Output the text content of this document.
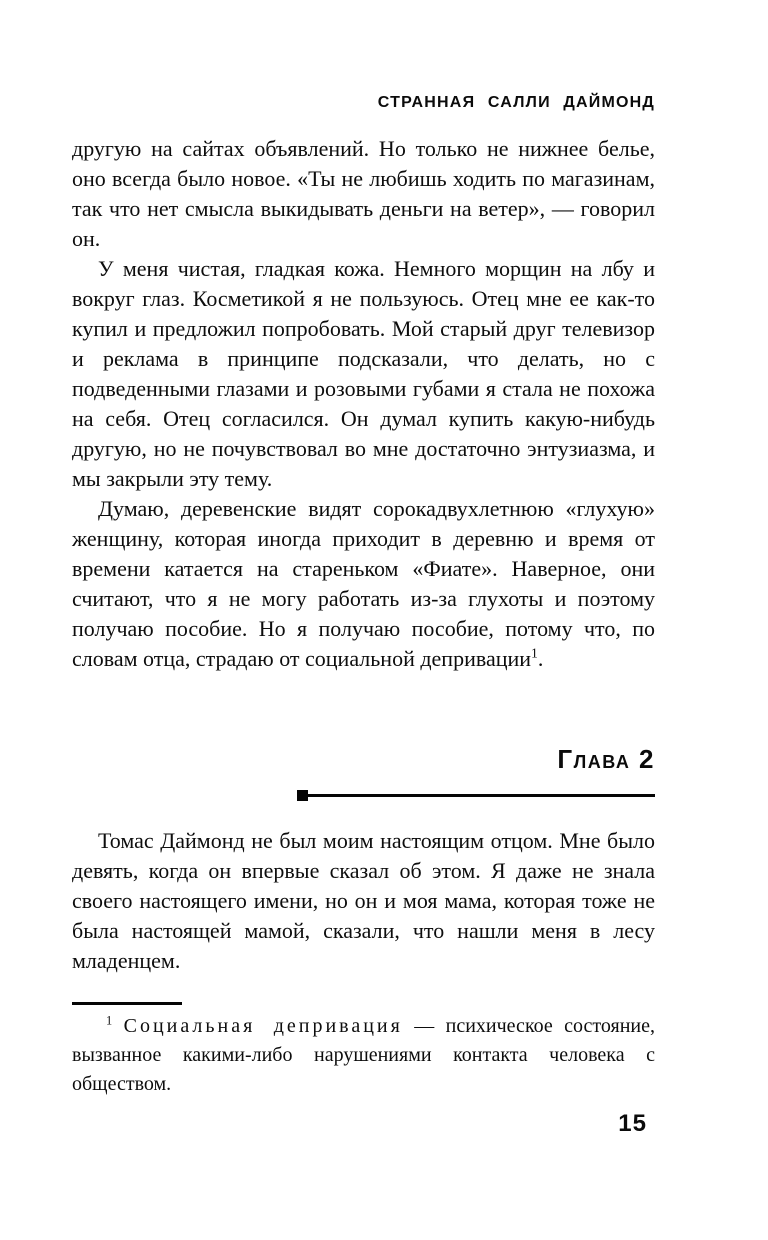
СТРАННАЯ САЛЛИ ДАЙМОНД

другую на сайтах объявлений. Но только не нижнее белье, оно всегда было новое. «Ты не любишь ходить по магазинам, так что нет смысла выкидывать деньги на ветер», — говорил он.

У меня чистая, гладкая кожа. Немного морщин на лбу и вокруг глаз. Косметикой я не пользуюсь. Отец мне ее как-то купил и предложил попробовать. Мой старый друг телевизор и реклама в принципе подсказали, что делать, но с подведенными глазами и розовыми губами я стала не похожа на себя. Отец согласился. Он думал купить какую-нибудь другую, но не почувствовал во мне достаточно энтузиазма, и мы закрыли эту тему.

Думаю, деревенские видят сорокадвухлетнюю «глухую» женщину, которая иногда приходит в деревню и время от времени катается на стареньком «Фиате». Наверное, они считают, что я не могу работать из-за глухоты и поэтому получаю пособие. Но я получаю пособие, потому что, по словам отца, страдаю от социальной депривации$^1$.

Глава 2

Томас Даймонд не был моим настоящим отцом. Мне было девять, когда он впервые сказал об этом. Я даже не знала своего настоящего имени, но он и моя мама, которая тоже не была настоящей мамой, сказали, что нашли меня в лесу младенцем.

$^1$ Социальная депривация — психическое состояние, вызванное какими-либо нарушениями контакта человека с обществом.

15
